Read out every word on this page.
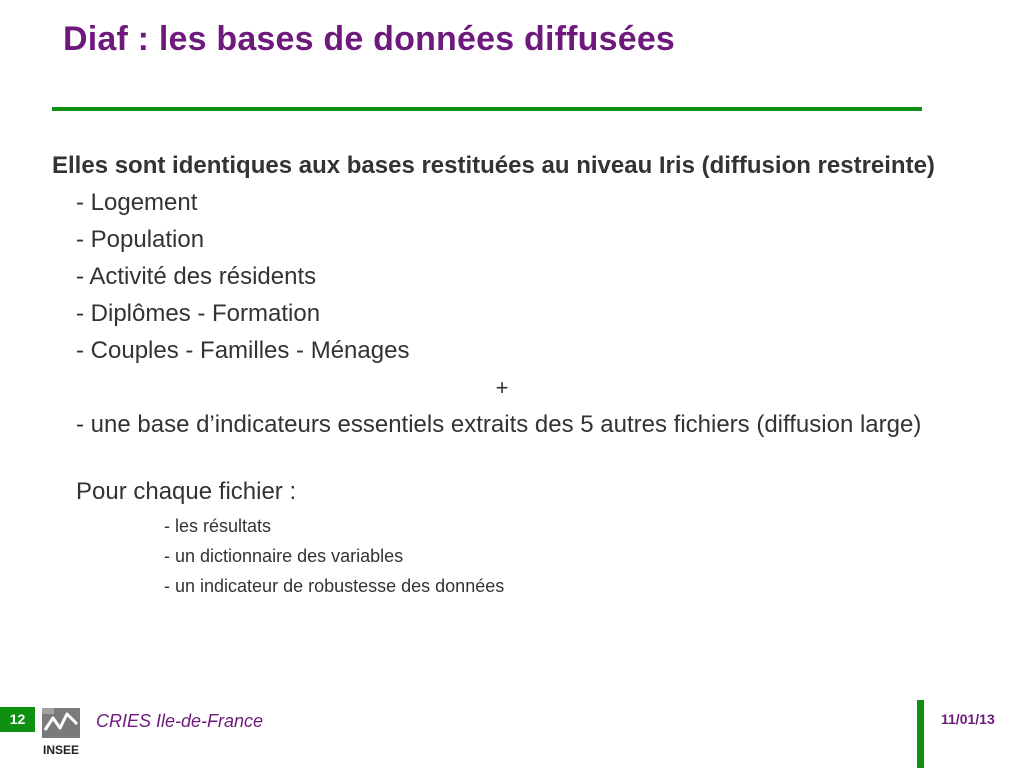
Diaf : les bases de données diffusées

Elles sont identiques aux bases restituées au niveau Iris (diffusion restreinte)

- Logement

- Population

- Activité des résidents

- Diplômes - Formation

- Couples - Familles - Ménages

+

- une base d’indicateurs essentiels extraits des 5 autres fichiers (diffusion large)

Pour chaque fichier :

- les résultats

- un dictionnaire des variables

- un indicateur de robustesse des données

12
INSEE
CRIES Ile-de-France	11/01/13
